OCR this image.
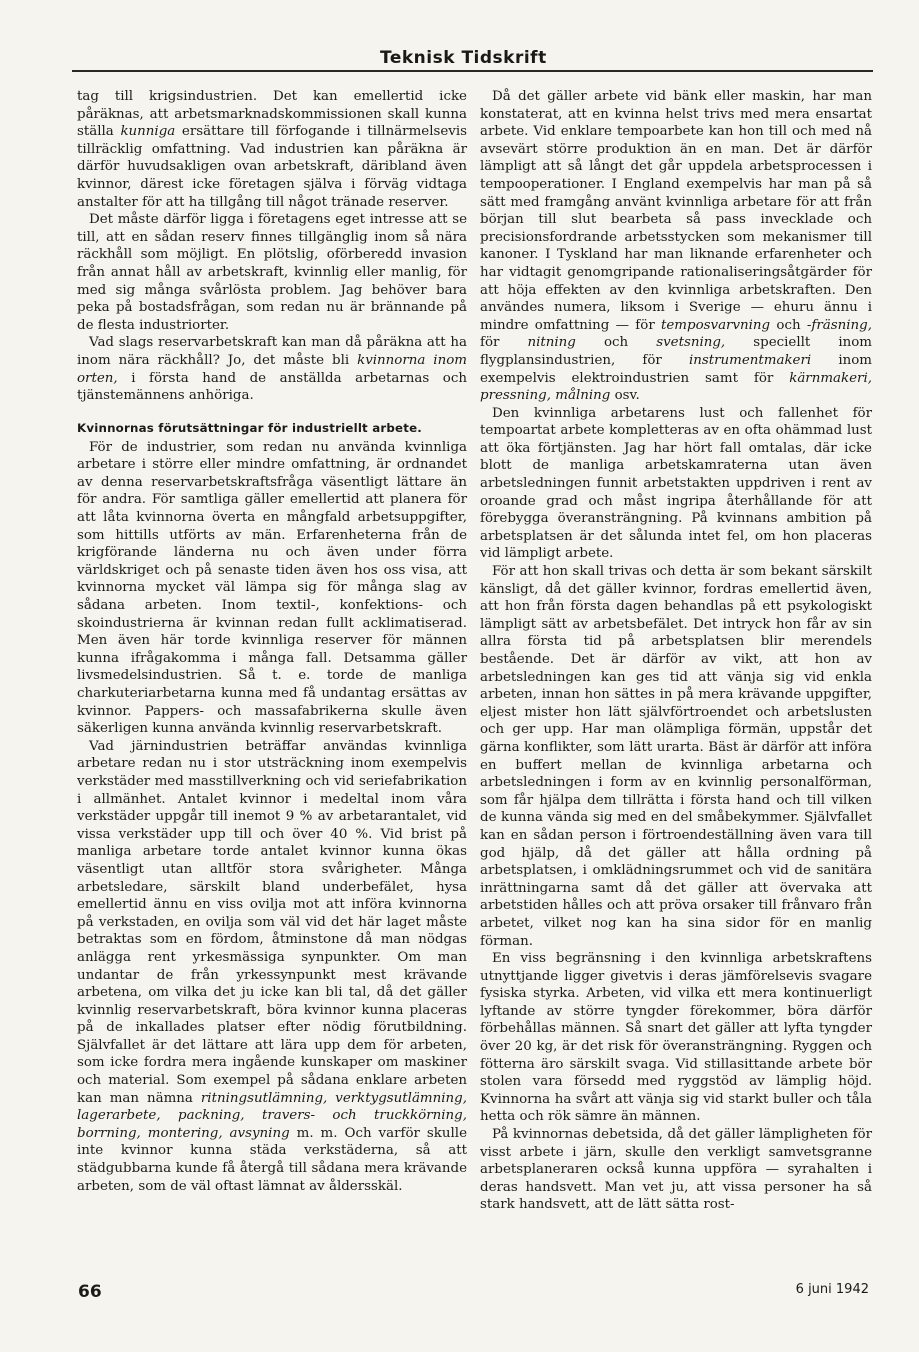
Teknisk Tidskrift

tag till krigsindustrien. Det kan emellertid icke påräknas, att arbetsmarknadskommissionen skall kunna ställa kunniga ersättare till förfogande i tillnärmelsevis tillräcklig omfattning. Vad industrien kan påräkna är därför huvudsakligen ovan arbetskraft, däribland även kvinnor, därest icke företagen själva i förväg vidtaga anstalter för att ha tillgång till något tränade reserver.

Det måste därför ligga i företagens eget intresse att se till, att en sådan reserv finnes tillgänglig inom så nära räckhåll som möjligt. En plötslig, oförberedd invasion från annat håll av arbetskraft, kvinnlig eller manlig, för med sig många svårlösta problem. Jag behöver bara peka på bostadsfrågan, som redan nu är brännande på de flesta industriorter.

Vad slags reservarbetskraft kan man då påräkna att ha inom nära räckhåll? Jo, det måste bli kvinnorna inom orten, i första hand de anställda arbetarnas och tjänstemännens anhöriga.

Kvinnornas förutsättningar för industriellt arbete.

För de industrier, som redan nu använda kvinnliga arbetare i större eller mindre omfattning, är ordnandet av denna reservarbetskraftsfråga väsentligt lättare än för andra. För samtliga gäller emellertid att planera för att låta kvinnorna överta en mångfald arbetsuppgifter, som hittills utförts av män. Erfarenheterna från de krigförande länderna nu och även under förra världskriget och på senaste tiden även hos oss visa, att kvinnorna mycket väl lämpa sig för många slag av sådana arbeten. Inom textil-, konfektions- och skoindustrierna är kvinnan redan fullt acklimatiserad. Men även här torde kvinnliga reserver för männen kunna ifrågakomma i många fall. Detsamma gäller livsmedelsindustrien. Så t. e. torde de manliga charkuteriarbetarna kunna med få undantag ersättas av kvinnor. Pappers- och massafabrikerna skulle även säkerligen kunna använda kvinnlig reservarbetskraft.

Vad järnindustrien beträffar användas kvinnliga arbetare redan nu i stor utsträckning inom exempelvis verkstäder med masstillverkning och vid seriefabrikation i allmänhet. Antalet kvinnor i medeltal inom våra verkstäder uppgår till inemot 9 % av arbetarantalet, vid vissa verkstäder upp till och över 40 %. Vid brist på manliga arbetare torde antalet kvinnor kunna ökas väsentligt utan alltför stora svårigheter. Många arbetsledare, särskilt bland underbefälet, hysa emellertid ännu en viss ovilja mot att införa kvinnorna på verkstaden, en ovilja som väl vid det här laget måste betraktas som en fördom, åtminstone då man nödgas anlägga rent yrkesmässiga synpunkter. Om man undantar de från yrkessynpunkt mest krävande arbetena, om vilka det ju icke kan bli tal, då det gäller kvinnlig reservarbetskraft, böra kvinnor kunna placeras på de inkallades platser efter nödig förutbildning. Självfallet är det lättare att lära upp dem för arbeten, som icke fordra mera ingående kunskaper om maskiner och material. Som exempel på sådana enklare arbeten kan man nämna ritningsutlämning, verktygsutlämning, lagerarbete, packning, travers- och truckkörning, borrning, montering, avsyning m. m. Och varför skulle inte kvinnor kunna städa verkstäderna, så att städgubbarna kunde få återgå till sådana mera krävande arbeten, som de väl oftast lämnat av åldersskäl.

Då det gäller arbete vid bänk eller maskin, har man konstaterat, att en kvinna helst trivs med mera ensartat arbete. Vid enklare tempoarbete kan hon till och med nå avsevärt större produktion än en man. Det är därför lämpligt att så långt det går uppdela arbetsprocessen i tempooperationer. I England exempelvis har man på så sätt med framgång använt kvinnliga arbetare för att från början till slut bearbeta så pass invecklade och precisionsfordrande arbetsstycken som mekanismer till kanoner. I Tyskland har man liknande erfarenheter och har vidtagit genomgripande rationaliseringsåtgärder för att höja effekten av den kvinnliga arbetskraften. Den användes numera, liksom i Sverige — ehuru ännu i mindre omfattning — för temposvarvning och -fräsning, för nitning och svetsning, speciellt inom flygplansindustrien, för instrumentmakeri inom exempelvis elektroindustrien samt för kärnmakeri, pressning, målning osv.

Den kvinnliga arbetarens lust och fallenhet för tempoartat arbete kompletteras av en ofta ohämmad lust att öka förtjänsten. Jag har hört fall omtalas, där icke blott de manliga arbetskamraterna utan även arbetsledningen funnit arbetstakten uppdriven i rent av oroande grad och måst ingripa återhållande för att förebygga överansträngning. På kvinnans ambition på arbetsplatsen är det sålunda intet fel, om hon placeras vid lämpligt arbete.

För att hon skall trivas och detta är som bekant särskilt känsligt, då det gäller kvinnor, fordras emellertid även, att hon från första dagen behandlas på ett psykologiskt lämpligt sätt av arbetsbefälet. Det intryck hon får av sin allra första tid på arbetsplatsen blir merendels bestående. Det är därför av vikt, att hon av arbetsledningen kan ges tid att vänja sig vid enkla arbeten, innan hon sättes in på mera krävande uppgifter, eljest mister hon lätt självförtroendet och arbetslusten och ger upp. Har man olämpliga förmän, uppstår det gärna konflikter, som lätt urarta. Bäst är därför att införa en buffert mellan de kvinnliga arbetarna och arbetsledningen i form av en kvinnlig personalförman, som får hjälpa dem tillrätta i första hand och till vilken de kunna vända sig med en del småbekymmer. Självfallet kan en sådan person i förtroendeställning även vara till god hjälp, då det gäller att hålla ordning på arbetsplatsen, i omklädningsrummet och vid de sanitära inrättningarna samt då det gäller att övervaka att arbetstiden hålles och att pröva orsaker till frånvaro från arbetet, vilket nog kan ha sina sidor för en manlig förman.

En viss begränsning i den kvinnliga arbetskraftens utnyttjande ligger givetvis i deras jämförelsevis svagare fysiska styrka. Arbeten, vid vilka ett mera kontinuerligt lyftande av större tyngder förekommer, böra därför förbehållas männen. Så snart det gäller att lyfta tyngder över 20 kg, är det risk för överansträngning. Ryggen och fötterna äro särskilt svaga. Vid stillasittande arbete bör stolen vara försedd med ryggstöd av lämplig höjd. Kvinnorna ha svårt att vänja sig vid starkt buller och tåla hetta och rök sämre än männen.

På kvinnornas debetsida, då det gäller lämpligheten för visst arbete i järn, skulle den verkligt samvetsgranne arbetsplaneraren också kunna uppföra — syrahalten i deras handsvett. Man vet ju, att vissa personer ha så stark handsvett, att de lätt sätta rost-

66	6 juni 1942
